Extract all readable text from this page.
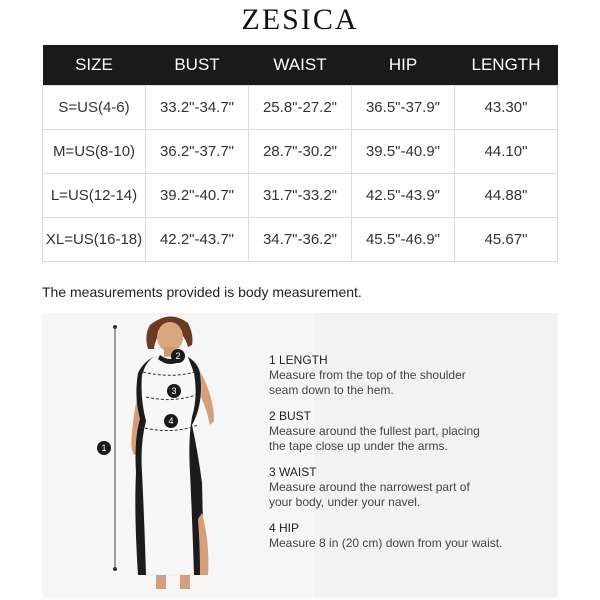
ZESICA
SIZE	BUST	WAIST	HIP	LENGTH
S=US(4-6)	33.2"-34.7"	25.8"-27.2"	36.5"-37.9"	43.30"
M=US(8-10)	36.2"-37.7"	28.7"-30.2"	39.5"-40.9"	44.10"
L=US(12-14)	39.2"-40.7"	31.7"-33.2"	42.5"-43.9"	44.88"
XL=US(16-18)	42.2"-43.7"	34.7"-36.2"	45.5"-46.9"	45.67"
The measurements provided is body measurement.
1
2
3
4
1 LENGTH
Measure from the top of the shoulder
seam down to the hem.
2 BUST
Measure around the fullest part, placing
the tape close up under the arms.
3 WAIST
Measure around the narrowest part of
your body, under your navel.
4 HIP
Measure 8 in (20 cm) down from your waist.
